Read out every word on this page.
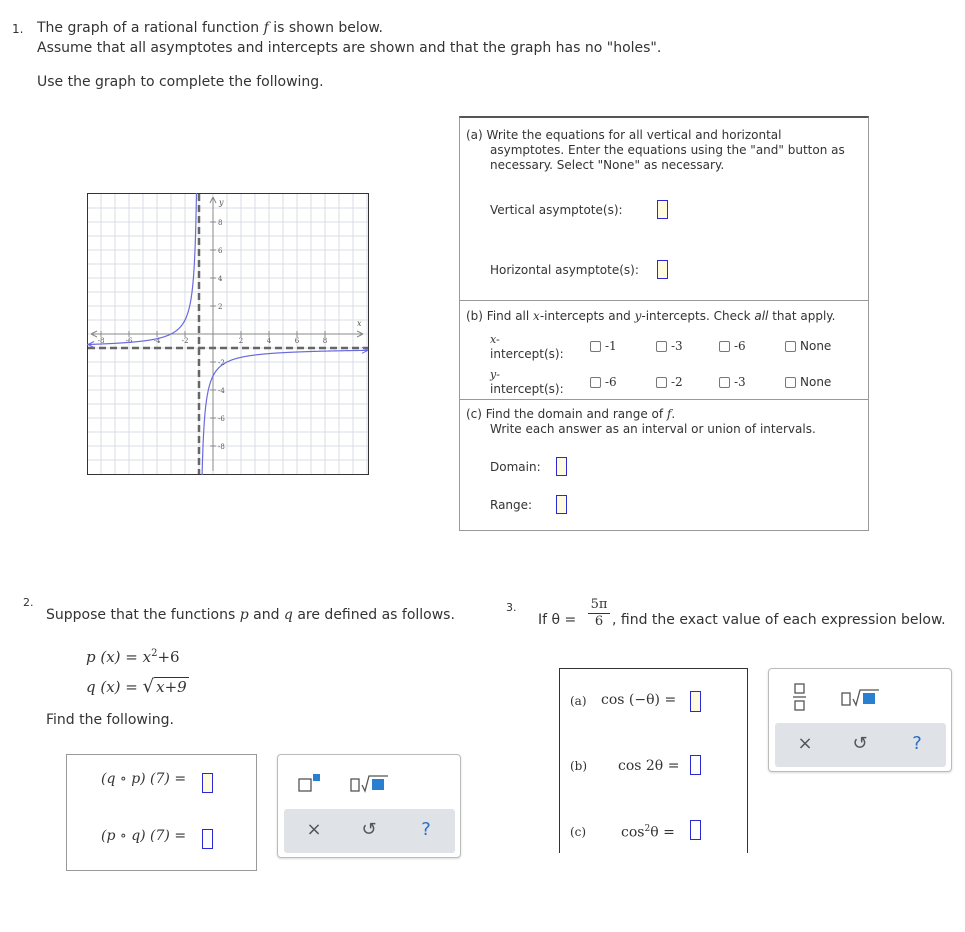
1. The graph of a rational function f is shown below.
Assume that all asymptotes and intercepts are shown and that the graph has no "holes".
Use the graph to complete the following.
x
y
-8	-6	-4	-2	2	4	6	8
8
6
4
2
-2
-4
-6
-8
(a) Write the equations for all vertical and horizontal
asymptotes. Enter the equations using the "and" button as
necessary. Select "None" as necessary.
Vertical asymptote(s):
Horizontal asymptote(s):
(b) Find all x-intercepts and y-intercepts. Check all that apply.
x-
intercept(s):
-1	-3	-6	None
y-
intercept(s):	-6	-2	-3	None
(c) Find the domain and range of f.
Write each answer as an interval or union of intervals.
Domain:
Range:
2.
Suppose that the functions p and q are defined as follows.
p $(x) = x^2+6$
q (x) = √ x+9
Find the following.
(q ∘ p) (7) =
(p ∘ q) (7) =	× ↺	?
3.
If θ =
5π
6 , find the exact value of each expression below.
(a) cos (−θ) =
(b) cos 2θ =
(c) $\cos^2\theta$ =
× ↺	?
